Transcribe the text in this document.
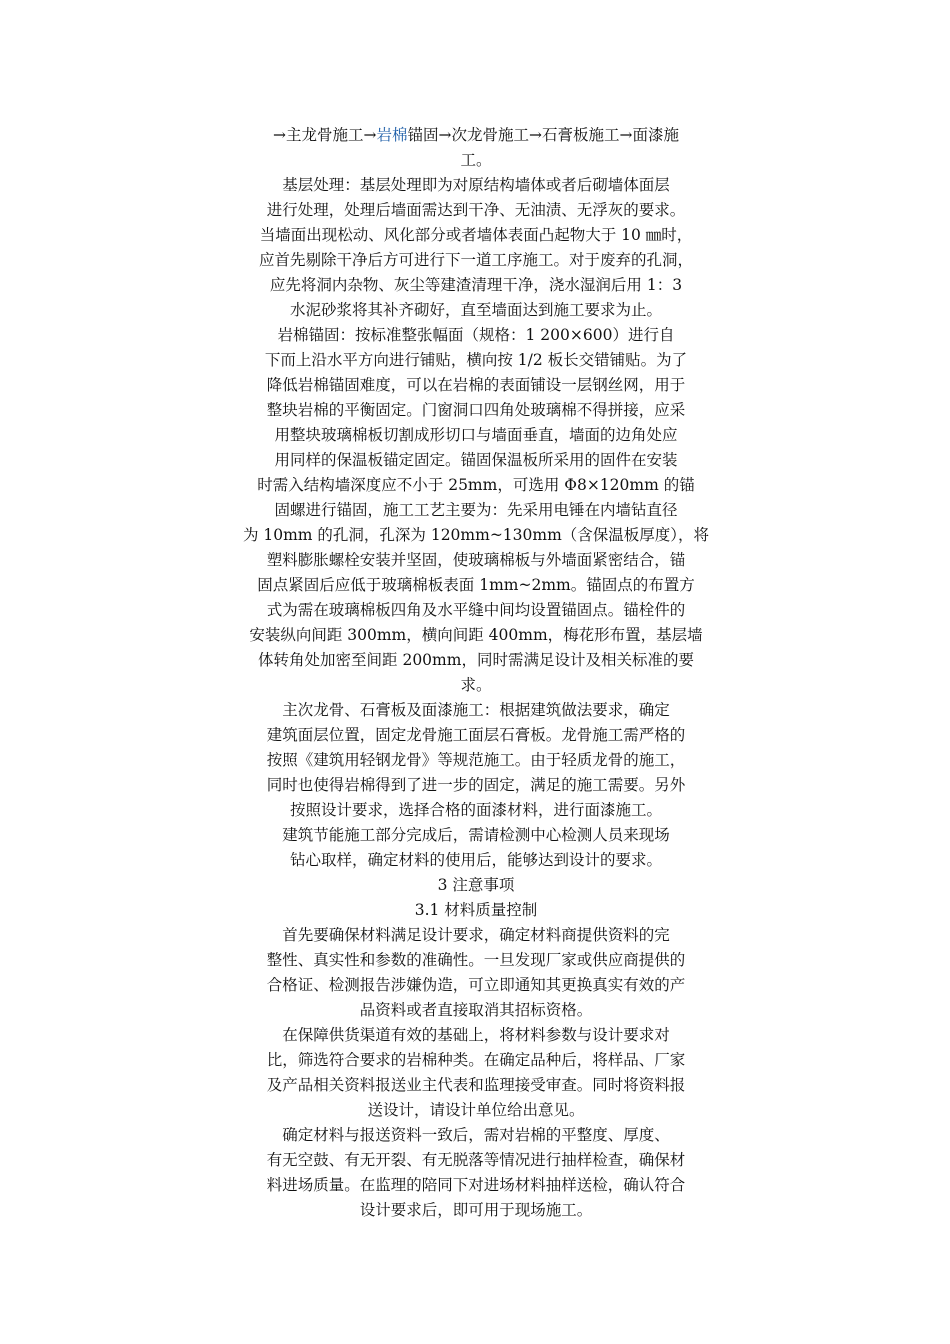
→主龙骨施工→岩棉锚固→次龙骨施工→石膏板施工→面漆施
工。
基层处理：基层处理即为对原结构墙体或者后砌墙体面层
进行处理，处理后墙面需达到干净、无油渍、无浮灰的要求。
当墙面出现松动、风化部分或者墙体表面凸起物大于 10 ㎜时，
应首先剔除干净后方可进行下一道工序施工。对于废弃的孔洞，
应先将洞内杂物、灰尘等建渣清理干净，浇水湿润后用 1：3
水泥砂浆将其补齐砌好，直至墙面达到施工要求为止。
岩棉锚固：按标准整张幅面（规格：1 200×600）进行自
下而上沿水平方向进行铺贴，横向按 1/2 板长交错铺贴。为了
降低岩棉锚固难度，可以在岩棉的表面铺设一层钢丝网，用于
整块岩棉的平衡固定。门窗洞口四角处玻璃棉不得拼接，应采
用整块玻璃棉板切割成形切口与墙面垂直，墙面的边角处应
用同样的保温板锚定固定。锚固保温板所采用的固件在安装
时需入结构墙深度应不小于 25mm，可选用 Φ8×120mm 的锚
固螺进行锚固，施工工艺主要为：先采用电锤在内墙钻直径
为 10mm 的孔洞，孔深为 120mm~130mm（含保温板厚度），将
塑料膨胀螺栓安装并坚固，使玻璃棉板与外墙面紧密结合，锚
固点紧固后应低于玻璃棉板表面 1mm~2mm。锚固点的布置方
式为需在玻璃棉板四角及水平缝中间均设置锚固点。锚栓件的
安装纵向间距 300mm，横向间距 400mm，梅花形布置，基层墙
体转角处加密至间距 200mm，同时需满足设计及相关标准的要
求。
主次龙骨、石膏板及面漆施工：根据建筑做法要求，确定
建筑面层位置，固定龙骨施工面层石膏板。龙骨施工需严格的
按照《建筑用轻钢龙骨》等规范施工。由于轻质龙骨的施工，
同时也使得岩棉得到了进一步的固定，满足的施工需要。另外
按照设计要求，选择合格的面漆材料，进行面漆施工。
建筑节能施工部分完成后，需请检测中心检测人员来现场
钻心取样，确定材料的使用后，能够达到设计的要求。
3 注意事项
3.1 材料质量控制
首先要确保材料满足设计要求，确定材料商提供资料的完
整性、真实性和参数的准确性。一旦发现厂家或供应商提供的
合格证、检测报告涉嫌伪造，可立即通知其更换真实有效的产
品资料或者直接取消其招标资格。
在保障供货渠道有效的基础上，将材料参数与设计要求对
比，筛选符合要求的岩棉种类。在确定品种后，将样品、厂家
及产品相关资料报送业主代表和监理接受审查。同时将资料报
送设计，请设计单位给出意见。
确定材料与报送资料一致后，需对岩棉的平整度、厚度、
有无空鼓、有无开裂、有无脱落等情况进行抽样检查，确保材
料进场质量。在监理的陪同下对进场材料抽样送检，确认符合
设计要求后，即可用于现场施工。
